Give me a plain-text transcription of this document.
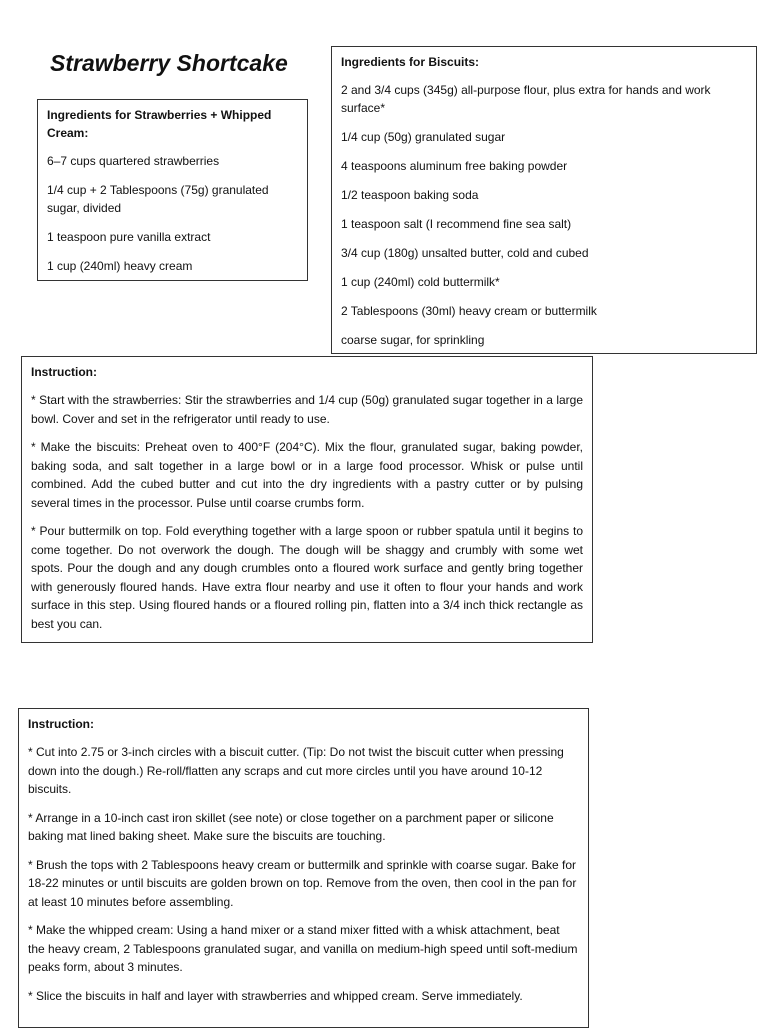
Strawberry Shortcake
Ingredients for Strawberries + Whipped Cream:
6–7 cups quartered strawberries
1/4 cup + 2 Tablespoons (75g) granulated sugar, divided
1 teaspoon pure vanilla extract
1 cup (240ml) heavy cream
Ingredients for Biscuits:
2 and 3/4 cups (345g) all-purpose flour, plus extra for hands and work surface*
1/4 cup (50g) granulated sugar
4 teaspoons aluminum free baking powder
1/2 teaspoon baking soda
1 teaspoon salt (I recommend fine sea salt)
3/4 cup (180g) unsalted butter, cold and cubed
1 cup (240ml) cold buttermilk*
2 Tablespoons (30ml) heavy cream or buttermilk
coarse sugar, for sprinkling
Instruction:

* Start with the strawberries: Stir the strawberries and 1/4 cup (50g) granulated sugar together in a large bowl. Cover and set in the refrigerator until ready to use.

* Make the biscuits: Preheat oven to 400°F (204°C). Mix the flour, granulated sugar, baking powder, baking soda, and salt together in a large bowl or in a large food processor. Whisk or pulse until combined. Add the cubed butter and cut into the dry ingredients with a pastry cutter or by pulsing several times in the processor. Pulse until coarse crumbs form.

* Pour buttermilk on top. Fold everything together with a large spoon or rubber spatula until it begins to come together. Do not overwork the dough. The dough will be shaggy and crumbly with some wet spots. Pour the dough and any dough crumbles onto a floured work surface and gently bring together with generously floured hands. Have extra flour nearby and use it often to flour your hands and work surface in this step. Using floured hands or a floured rolling pin, flatten into a 3/4 inch thick rectangle as best you can.

Instruction:

* Cut into 2.75 or 3-inch circles with a biscuit cutter. (Tip: Do not twist the biscuit cutter when pressing down into the dough.) Re-roll/flatten any scraps and cut more circles until you have around 10-12 biscuits.

* Arrange in a 10-inch cast iron skillet (see note) or close together on a parchment paper or silicone baking mat lined baking sheet. Make sure the biscuits are touching.

* Brush the tops with 2 Tablespoons heavy cream or buttermilk and sprinkle with coarse sugar. Bake for 18-22 minutes or until biscuits are golden brown on top. Remove from the oven, then cool in the pan for at least 10 minutes before assembling.

* Make the whipped cream: Using a hand mixer or a stand mixer fitted with a whisk attachment, beat the heavy cream, 2 Tablespoons granulated sugar, and vanilla on medium-high speed until soft-medium peaks form, about 3 minutes.

* Slice the biscuits in half and layer with strawberries and whipped cream. Serve immediately.
